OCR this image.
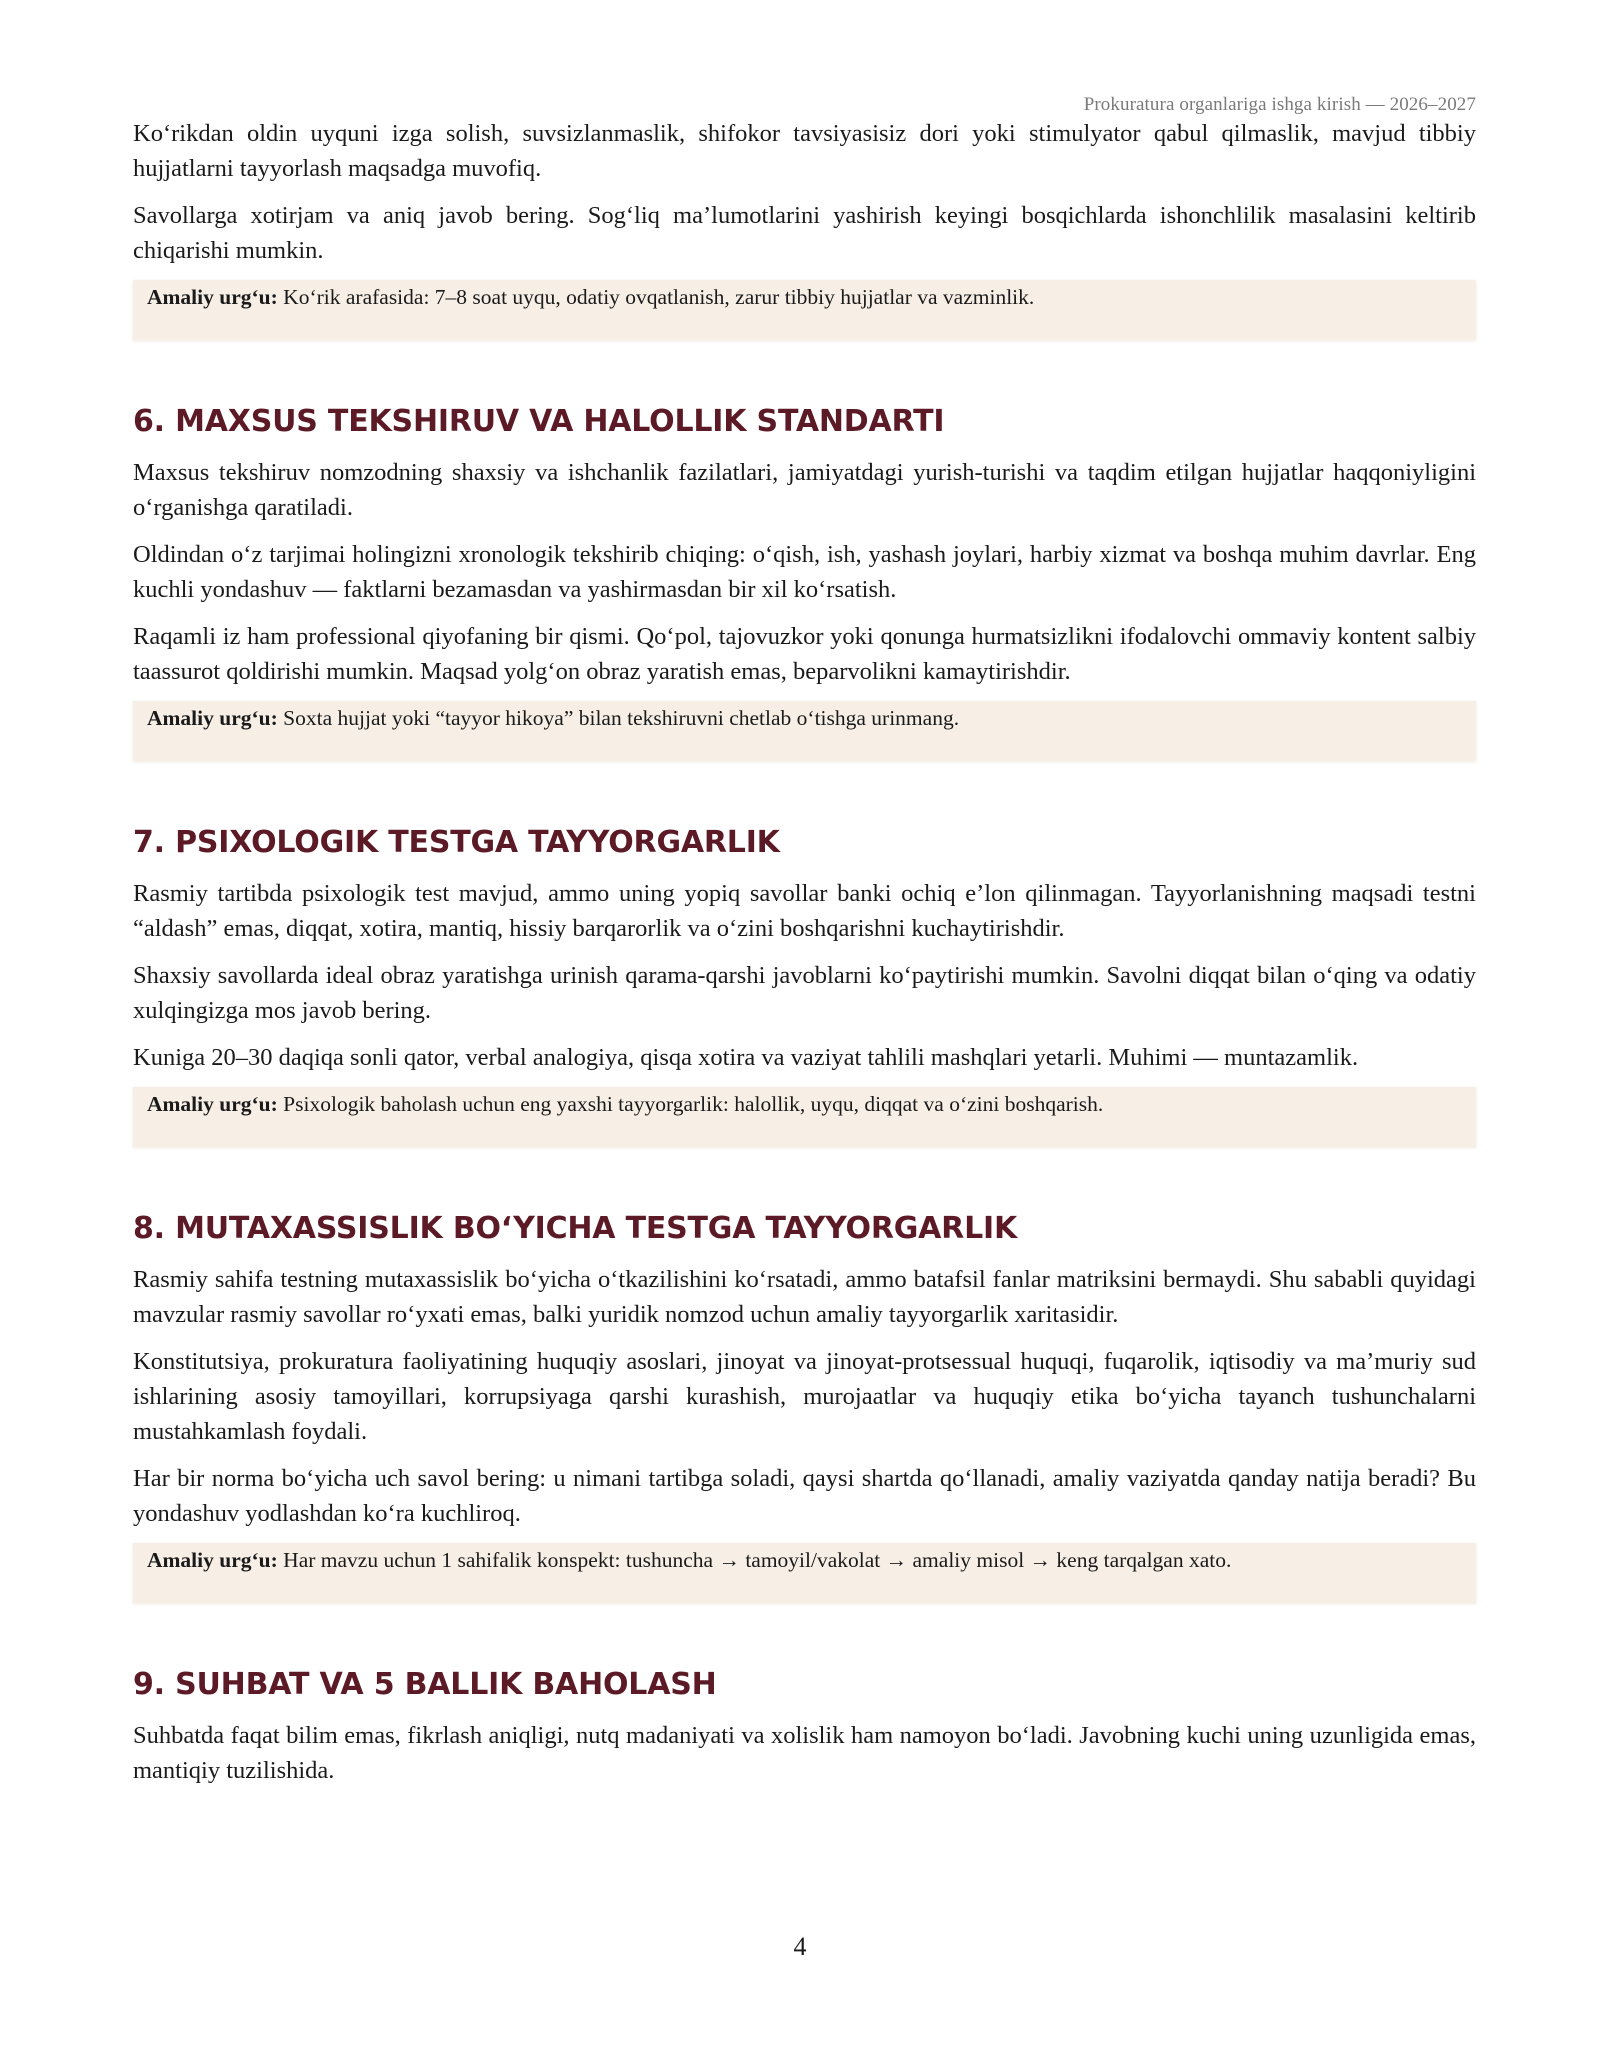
Prokuratura organlariga ishga kirish — 2026–2027

Ko‘rikdan oldin uyquni izga solish, suvsizlanmaslik, shifokor tavsiyasisiz dori yoki stimulyator qabul qilmaslik, mavjud tibbiy hujjatlarni tayyorlash maqsadga muvofiq.

Savollarga xotirjam va aniq javob bering. Sog‘liq ma’lumotlarini yashirish keyingi bosqichlarda ishonchlilik masalasini keltirib chiqarishi mumkin.

Amaliy urg‘u: Ko‘rik arafasida: 7–8 soat uyqu, odatiy ovqatlanish, zarur tibbiy hujjatlar va vazminlik.
6. MAXSUS TEKSHIRUV VA HALOLLIK STANDARTI

Maxsus tekshiruv nomzodning shaxsiy va ishchanlik fazilatlari, jamiyatdagi yurish-turishi va taqdim etilgan hujjatlar haqqoniyligini o‘rganishga qaratiladi.

Oldindan o‘z tarjimai holingizni xronologik tekshirib chiqing: o‘qish, ish, yashash joylari, harbiy xizmat va boshqa muhim davrlar. Eng kuchli yondashuv — faktlarni bezamasdan va yashirmasdan bir xil ko‘rsatish.

Raqamli iz ham professional qiyofaning bir qismi. Qo‘pol, tajovuzkor yoki qonunga hurmatsizlikni ifodalovchi ommaviy kontent salbiy taassurot qoldirishi mumkin. Maqsad yolg‘on obraz yaratish emas, beparvolikni kamaytirishdir.

Amaliy urg‘u: Soxta hujjat yoki “tayyor hikoya” bilan tekshiruvni chetlab o‘tishga urinmang.
7. PSIXOLOGIK TESTGA TAYYORGARLIK

Rasmiy tartibda psixologik test mavjud, ammo uning yopiq savollar banki ochiq e’lon qilinmagan. Tayyorlanishning maqsadi testni “aldash” emas, diqqat, xotira, mantiq, hissiy barqarorlik va o‘zini boshqarishni kuchaytirishdir.

Shaxsiy savollarda ideal obraz yaratishga urinish qarama-qarshi javoblarni ko‘paytirishi mumkin. Savolni diqqat bilan o‘qing va odatiy xulqingizga mos javob bering.

Kuniga 20–30 daqiqa sonli qator, verbal analogiya, qisqa xotira va vaziyat tahlili mashqlari yetarli. Muhimi — muntazamlik.

Amaliy urg‘u: Psixologik baholash uchun eng yaxshi tayyorgarlik: halollik, uyqu, diqqat va o‘zini boshqarish.
8. MUTAXASSISLIK BO‘YICHA TESTGA TAYYORGARLIK

Rasmiy sahifa testning mutaxassislik bo‘yicha o‘tkazilishini ko‘rsatadi, ammo batafsil fanlar matriksini bermaydi. Shu sababli quyidagi mavzular rasmiy savollar ro‘yxati emas, balki yuridik nomzod uchun amaliy tayyorgarlik xaritasidir.

Konstitutsiya, prokuratura faoliyatining huquqiy asoslari, jinoyat va jinoyat-protsessual huquqi, fuqarolik, iqtisodiy va ma’muriy sud ishlarining asosiy tamoyillari, korrupsiyaga qarshi kurashish, murojaatlar va huquqiy etika bo‘yicha tayanch tushunchalarni mustahkamlash foydali.

Har bir norma bo‘yicha uch savol bering: u nimani tartibga soladi, qaysi shartda qo‘llanadi, amaliy vaziyatda qanday natija beradi? Bu yondashuv yodlashdan ko‘ra kuchliroq.

Amaliy urg‘u: Har mavzu uchun 1 sahifalik konspekt: tushuncha → tamoyil/vakolat → amaliy misol → keng tarqalgan xato.
9. SUHBAT VA 5 BALLIK BAHOLASH

Suhbatda faqat bilim emas, fikrlash aniqligi, nutq madaniyati va xolislik ham namoyon bo‘ladi. Javobning kuchi uning uzunligida emas, mantiqiy tuzilishida.

4
